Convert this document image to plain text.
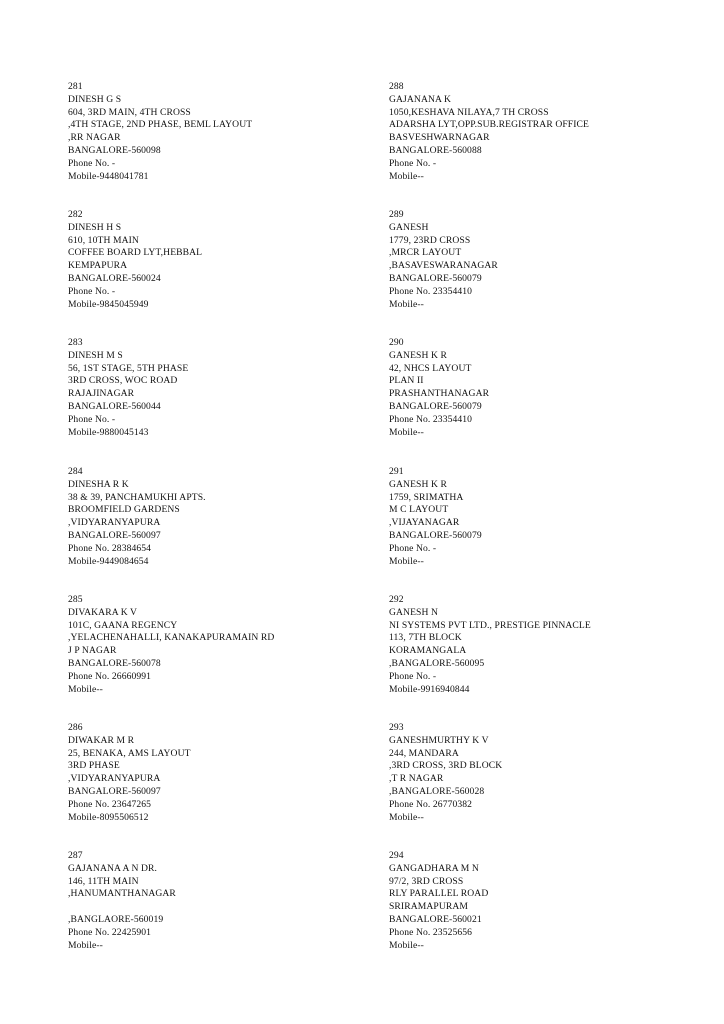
281
DINESH G S
604, 3RD MAIN, 4TH CROSS
,4TH STAGE, 2ND PHASE, BEML LAYOUT
,RR NAGAR
BANGALORE-560098
Phone No. -
Mobile-9448041781
288
GAJANANA K
1050,KESHAVA NILAYA,7 TH CROSS
ADARSHA LYT,OPP.SUB.REGISTRAR OFFICE
BASVESHWARNAGAR
BANGALORE-560088
Phone No. -
Mobile--
282
DINESH H S
610, 10TH MAIN
COFFEE BOARD LYT,HEBBAL
KEMPAPURA
BANGALORE-560024
Phone No. -
Mobile-9845045949
289
GANESH
1779, 23RD CROSS
,MRCR LAYOUT
,BASAVESWARANAGAR
BANGALORE-560079
Phone No. 23354410
Mobile--
283
DINESH M S
56, 1ST STAGE, 5TH PHASE
3RD CROSS, WOC ROAD
RAJAJINAGAR
BANGALORE-560044
Phone No. -
Mobile-9880045143
290
GANESH K R
42, NHCS LAYOUT
PLAN II
PRASHANTHANAGAR
BANGALORE-560079
Phone No. 23354410
Mobile--
284
DINESHA R K
38 & 39, PANCHAMUKHI APTS.
BROOMFIELD GARDENS
,VIDYARANYAPURA
BANGALORE-560097
Phone No. 28384654
Mobile-9449084654
291
GANESH K R
1759, SRIMATHA
M C LAYOUT
,VIJAYANAGAR
BANGALORE-560079
Phone No. -
Mobile--
285
DIVAKARA K V
101C, GAANA REGENCY
,YELACHENAHALLI, KANAKAPURAMAIN RD
J P NAGAR
BANGALORE-560078
Phone No. 26660991
Mobile--
292
GANESH N
NI SYSTEMS PVT LTD., PRESTIGE PINNACLE
113, 7TH BLOCK
KORAMANGALA
,BANGALORE-560095
Phone No. -
Mobile-9916940844
286
DIWAKAR M R
25, BENAKA, AMS LAYOUT
3RD PHASE
,VIDYARANYAPURA
BANGALORE-560097
Phone No. 23647265
Mobile-8095506512
293
GANESHMURTHY K V
244, MANDARA
,3RD CROSS, 3RD BLOCK
,T R NAGAR
,BANGALORE-560028
Phone No. 26770382
Mobile--
287
GAJANANA A N DR.
146, 11TH MAIN
,HANUMANTHANAGAR
,BANGLAORE-560019
Phone No. 22425901
Mobile--
294
GANGADHARA M N
97/2, 3RD CROSS
RLY PARALLEL ROAD
SRIRAMAPURAM
BANGALORE-560021
Phone No. 23525656
Mobile--
